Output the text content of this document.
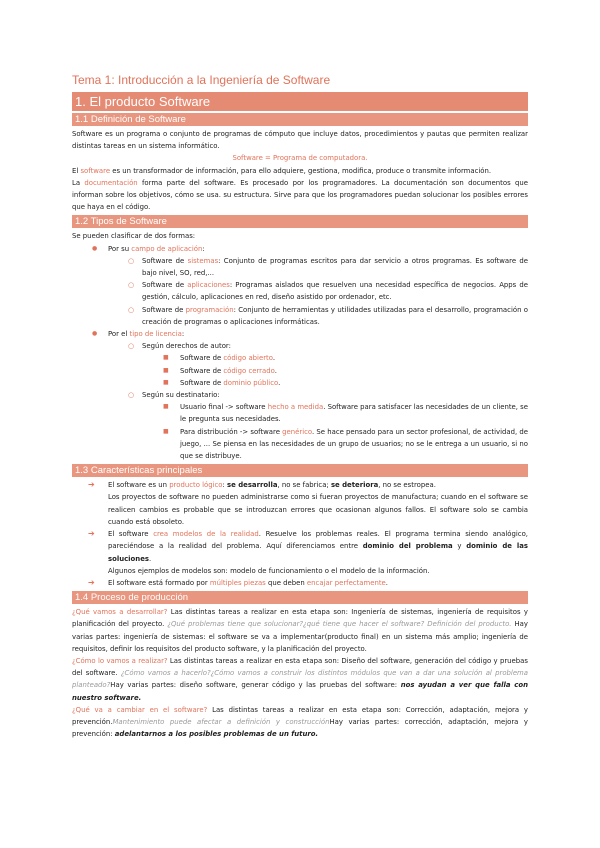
Tema 1: Introducción a la Ingeniería de Software
1. El producto Software
1.1 Definición de Software

Software es un programa o conjunto de programas de cómputo que incluye datos, procedimientos y pautas que permiten realizar distintas tareas en un sistema informático.

Software = Programa de computadora.

El software es un transformador de información, para ello adquiere, gestiona, modifica, produce o transmite información.

La documentación forma parte del software. Es procesado por los programadores. La documentación son documentos que informan sobre los objetivos, cómo se usa. su estructura. Sirve para que los programadores puedan solucionar los posibles errores que haya en el código.

1.2 Tipos de Software

Se pueden clasificar de dos formas:

● Por su campo de aplicación:
○ Software de sistemas: Conjunto de programas escritos para dar servicio a otros programas. Es software de bajo nivel, SO, red,...
○ Software de aplicaciones: Programas aislados que resuelven una necesidad específica de negocios. Apps de gestión, cálculo, aplicaciones en red, diseño asistido por ordenador, etc.
○ Software de programación: Conjunto de herramientas y utilidades utilizadas para el desarrollo, programación o creación de programas o aplicaciones informáticas.
● Por el tipo de licencia:
○ Según derechos de autor:
■ Software de código abierto.
■ Software de código cerrado.
■ Software de dominio público.
○ Según su destinatario:
■ Usuario final -> software hecho a medida. Software para satisfacer las necesidades de un cliente, se le pregunta sus necesidades.
■ Para distribución -> software genérico. Se hace pensado para un sector profesional, de actividad, de juego, ... Se piensa en las necesidades de un grupo de usuarios; no se le entrega a un usuario, si no que se distribuye.
1.3 Características principales
➔ El software es un producto lógico: se desarrolla, no se fabrica; se deteriora, no se estropea.

Los proyectos de software no pueden administrarse como si fueran proyectos de manufactura; cuando en el software se realicen cambios es probable que se introduzcan errores que ocasionan algunos fallos. El software solo se cambia cuando está obsoleto.

➔ El software crea modelos de la realidad. Resuelve los problemas reales. El programa termina siendo analógico, pareciéndose a la realidad del problema. Aquí diferenciamos entre dominio del problema y dominio de las soluciones.

Algunos ejemplos de modelos son: modelo de funcionamiento o el modelo de la información.

➔ El software está formado por múltiples piezas que deben encajar perfectamente.
1.4 Proceso de producción

¿Qué vamos a desarrollar? Las distintas tareas a realizar en esta etapa son: Ingeniería de sistemas, ingeniería de requisitos y planificación del proyecto. ¿Qué problemas tiene que solucionar?¿qué tiene que hacer el software? Definición del producto. Hay varias partes: ingeniería de sistemas: el software se va a implementar(producto final) en un sistema más amplio; ingeniería de requisitos, definir los requisitos del producto software, y la planificación del proyecto.

¿Cómo lo vamos a realizar? Las distintas tareas a realizar en esta etapa son: Diseño del software, generación del código y pruebas del software. ¿Cómo vamos a hacerlo?¿Cómo vamos a construir los distintos módulos que van a dar una solución al problema planteado?Hay varias partes: diseño software, generar código y las pruebas del software: nos ayudan a ver que falla con nuestro software.

¿Qué va a cambiar en el software? Las distintas tareas a realizar en esta etapa son: Corrección, adaptación, mejora y prevención.Mantenimiento puede afectar a definición y construcciónHay varias partes: corrección, adaptación, mejora y prevención: adelantarnos a los posibles problemas de un futuro.
